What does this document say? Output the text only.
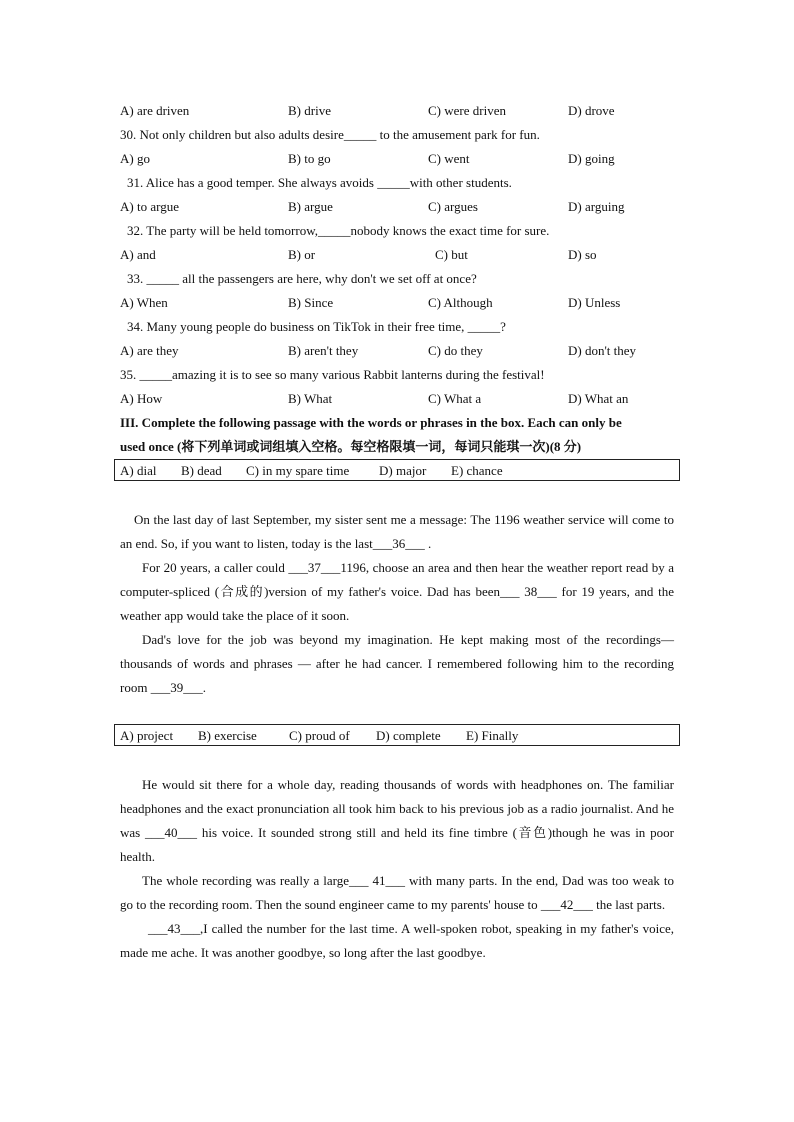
A) are driven	B) drive	C) were driven	D) drove
30. Not only children but also adults desire_____ to the amusement park for fun.
A) go	B) to go	C) went	D) going
31. Alice has a good temper. She always avoids _____with other students.
A) to argue	B) argue	C) argues	D) arguing
32. The party will be held tomorrow,_____nobody knows the exact time for sure.
A) and	B) or	C) but	D) so
33. _____ all the passengers are here, why don't we set off at once?
A) When	B) Since	C) Although	D) Unless
34. Many young people do business on TikTok in their free time, _____?
A) are they	B) aren't they	C) do they	D) don't they
35. _____amazing it is to see so many various Rabbit lanterns during the festival!
A) How	B) What	C) What a	D) What an
III. Complete the following passage with the words or phrases in the box. Each can only be
used once (将下列单词或词组填入空格。每空格限填一词，每词只能琪一次)(8 分)
A) dial B) dead C) in my spare time D) major E) chance

On the last day of last September, my sister sent me a message: The 1196 weather service will come to an end. So, if you want to listen, today is the last___36___ .

For 20 years, a caller could ___37___1196, choose an area and then hear the weather report read by a computer-spliced (合成的)version of my father's voice. Dad has been___ 38___ for 19 years, and the weather app would take the place of it soon.

Dad's love for the job was beyond my imagination. He kept making most of the recordings—thousands of words and phrases — after he had cancer. I remembered following him to the recording room ___39___.

A) project B) exercise C) proud of D) complete E) Finally

He would sit there for a whole day, reading thousands of words with headphones on. The familiar headphones and the exact pronunciation all took him back to his previous job as a radio journalist. And he was ___40___ his voice. It sounded strong still and held its fine timbre (音色)though he was in poor health.

The whole recording was really a large___ 41___ with many parts. In the end, Dad was too weak to go to the recording room. Then the sound engineer came to my parents' house to ___42___ the last parts.

___43___,I called the number for the last time. A well-spoken robot, speaking in my father's voice, made me ache. It was another goodbye, so long after the last goodbye.
